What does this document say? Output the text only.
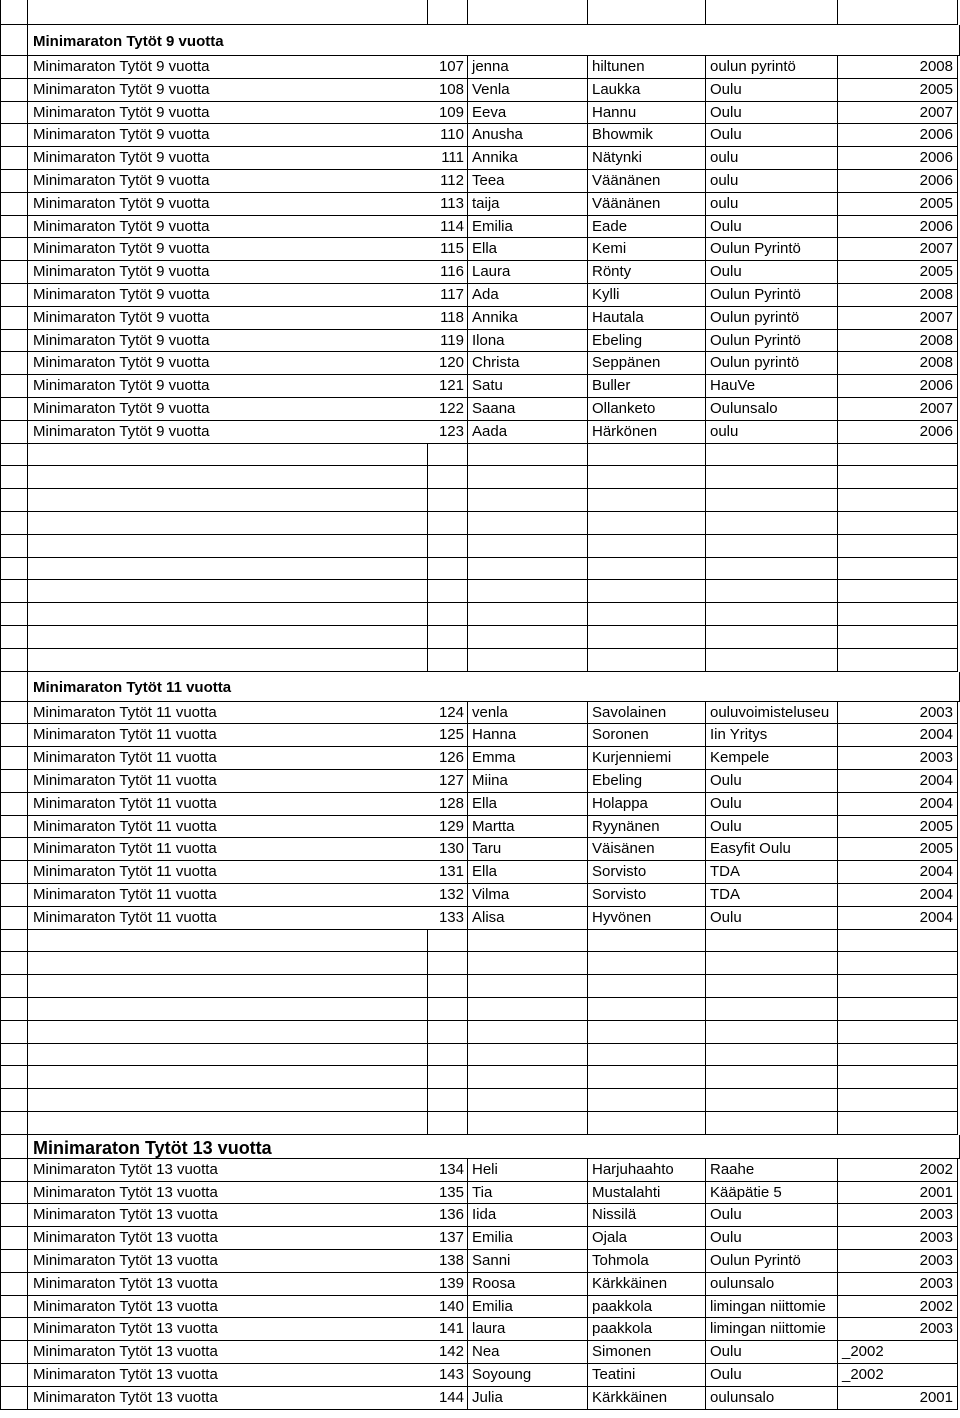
Minimaraton Tytöt 9 vuotta
Minimaraton Tytöt 9 vuotta	107 jenna	hiltunen	oulun pyrintö	2008
Minimaraton Tytöt 9 vuotta	108 Venla	Laukka	Oulu	2005
Minimaraton Tytöt 9 vuotta	109 Eeva	Hannu	Oulu	2007
Minimaraton Tytöt 9 vuotta	110 Anusha	Bhowmik	Oulu	2006
Minimaraton Tytöt 9 vuotta	111 Annika	Nätynki	oulu	2006
Minimaraton Tytöt 9 vuotta	112 Teea	Väänänen	oulu	2006
Minimaraton Tytöt 9 vuotta	113 taija	Väänänen	oulu	2005
Minimaraton Tytöt 9 vuotta	114 Emilia	Eade	Oulu	2006
Minimaraton Tytöt 9 vuotta	115 Ella	Kemi	Oulun Pyrintö	2007
Minimaraton Tytöt 9 vuotta	116 Laura	Rönty	Oulu	2005
Minimaraton Tytöt 9 vuotta	117 Ada	Kylli	Oulun Pyrintö	2008
Minimaraton Tytöt 9 vuotta	118 Annika	Hautala	Oulun pyrintö	2007
Minimaraton Tytöt 9 vuotta	119 Ilona	Ebeling	Oulun Pyrintö	2008
Minimaraton Tytöt 9 vuotta	120 Christa	Seppänen	Oulun pyrintö	2008
Minimaraton Tytöt 9 vuotta	121 Satu	Buller	HauVe	2006
Minimaraton Tytöt 9 vuotta	122 Saana	Ollanketo	Oulunsalo	2007
Minimaraton Tytöt 9 vuotta	123 Aada	Härkönen	oulu	2006
Minimaraton Tytöt 11 vuotta
Minimaraton Tytöt 11 vuotta	124 venla	Savolainen	ouluvoimisteluseu	2003
Minimaraton Tytöt 11 vuotta	125 Hanna	Soronen	Iin Yritys	2004
Minimaraton Tytöt 11 vuotta	126 Emma	Kurjenniemi	Kempele	2003
Minimaraton Tytöt 11 vuotta	127 Miina	Ebeling	Oulu	2004
Minimaraton Tytöt 11 vuotta	128 Ella	Holappa	Oulu	2004
Minimaraton Tytöt 11 vuotta	129 Martta	Ryynänen	Oulu	2005
Minimaraton Tytöt 11 vuotta	130 Taru	Väisänen	Easyfit Oulu	2005
Minimaraton Tytöt 11 vuotta	131 Ella	Sorvisto	TDA	2004
Minimaraton Tytöt 11 vuotta	132 Vilma	Sorvisto	TDA	2004
Minimaraton Tytöt 11 vuotta	133 Alisa	Hyvönen	Oulu	2004
Minimaraton Tytöt 13 vuotta
Minimaraton Tytöt 13 vuotta	134 Heli	Harjuhaahto	Raahe	2002
Minimaraton Tytöt 13 vuotta	135 Tia	Mustalahti	Kääpätie 5	2001
Minimaraton Tytöt 13 vuotta	136 Iida	Nissilä	Oulu	2003
Minimaraton Tytöt 13 vuotta	137 Emilia	Ojala	Oulu	2003
Minimaraton Tytöt 13 vuotta	138 Sanni	Tohmola	Oulun Pyrintö	2003
Minimaraton Tytöt 13 vuotta	139 Roosa	Kärkkäinen	oulunsalo	2003
Minimaraton Tytöt 13 vuotta	140 Emilia	paakkola	limingan niittomie	2002
Minimaraton Tytöt 13 vuotta	141 laura	paakkola	limingan niittomie	2003
Minimaraton Tytöt 13 vuotta	142 Nea	Simonen	Oulu	_2002
Minimaraton Tytöt 13 vuotta	143 Soyoung	Teatini	Oulu	_2002
Minimaraton Tytöt 13 vuotta	144 Julia	Kärkkäinen	oulunsalo	2001
